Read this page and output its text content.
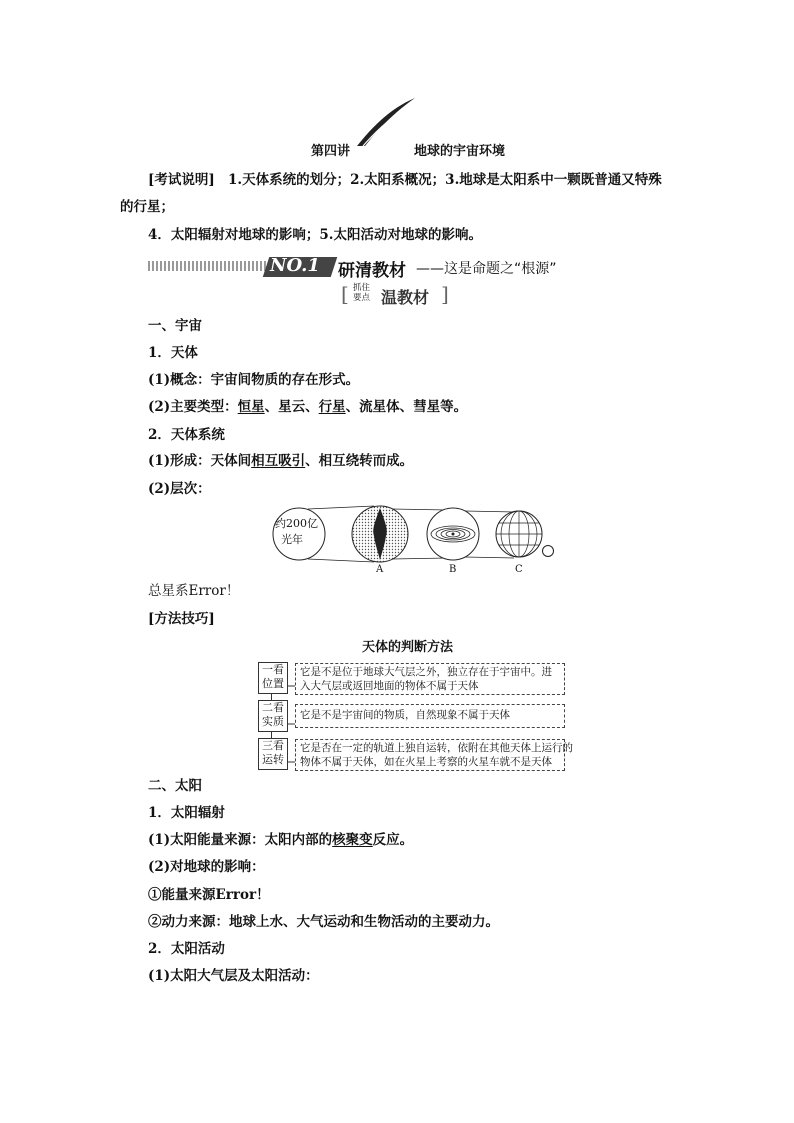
第四讲	地球的宇宙环境
[考试说明] 1.天体系统的划分；2.太阳系概况；3.地球是太阳系中一颗既普通又特殊
的行星；
4．太阳辐射对地球的影响；5.太阳活动对地球的影响。
NO.1 研清教材 ——这是命题之“根源”
[ 抓住
要点 温教材 ]
一、宇宙
1．天体
(1)概念：宇宙间物质的存在形式。
(2)主要类型：恒星、星云、行星、流星体、彗星等。
2．天体系统
(1)形成：天体间相互吸引、相互绕转而成。
(2)层次：
约200亿
光年
A	B	C
总星系Error！
[方法技巧]
天体的判断方法
一看
位置
它是不是位于地球大气层之外，独立存在于宇宙中。进
入大气层或返回地面的物体不属于天体
二看
实质 它是不是宇宙间的物质，自然现象不属于天体
三看
运转
它是否在一定的轨道上独自运转，依附在其他天体上运行的
物体不属于天体，如在火星上考察的火星车就不是天体
二、太阳
1．太阳辐射
(1)太阳能量来源：太阳内部的核聚变反应。
(2)对地球的影响：
①能量来源Error！
②动力来源：地球上水、大气运动和生物活动的主要动力。
2．太阳活动
(1)太阳大气层及太阳活动：
